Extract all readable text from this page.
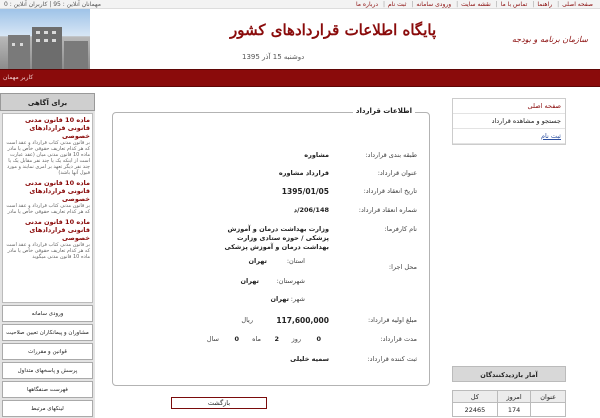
مهمانان آنلاين : 95 | کاربران آنلاین : 0	صفحه اصلی| راهنما| تماس با ما| نقشه سایت| ورودی سامانه| ثبت نام| درباره ما
پایگاه اطلاعات قراردادهای کشور
دوشنبه 15 آذر 1395
سازمان برنامه و بودجه
کاربر مهمان
برای آگاهی
ماده 10 قانون مدنی قانونی قراردادهای خصوصی
بر قانون مدنی کتاب قرارداد و عقد است که هر کدام تعاریف حقوقی خاص یا مادر ماده 10 قانون مدنی میان (عقد عبارت است از اینکه یک یا چند نفر مقابل یک یا چند نفر دیگر تعهد بر امری نمایند و مورد قبول آنها باشد)
ماده 10 قانون مدنی قانونی قراردادهای خصوصی
بر قانون مدنی کتاب قرارداد و عقد است که هر کدام تعاریف حقوقی خاص یا مادر
ماده 10 قانون مدنی قانونی قراردادهای خصوصی
بر قانون مدنی کتاب قرارداد و عقد است که هر کدام تعاریف حقوقی خاص یا مادر ماده 10 قانون مدنی میگوید
ورودی سامانه
مشاوران و پیمانکاران تعیین صلاحیت
قوانین و مقررات
پرسش و پاسخهای متداول
فهرست صنفگاهها
لینکهای مرتبط
صفحه اصلی
جستجو و مشاهده قرارداد
ثبت نام
آمار بازدیدکنندگان
کل	امروز	عنوان
22465	174	
اطلاعات قرارداد
طبقه بندی قرارداد:
مشاوره
عنوان قرارداد:
قرارداد مشاوره
تاریخ انعقاد قرارداد:
1395/01/05
شماره انعقاد قرارداد:
206/148/د
نام کارفرما:
وزارت بهداشت درمان و آموزش پزشکی / حوزه ستادی وزارت بهداشت درمان و آموزش پزشکی
محل اجرا:
استان:
تهران
شهرستان:
تهران
شهر:
تهران
مبلغ اولیه قرارداد:
117,600,000
ریال
مدت قرارداد:
0
روز
2
ماه
0
سال
ثبت کننده قرارداد:
سمیه خلیلی
بازگشت
